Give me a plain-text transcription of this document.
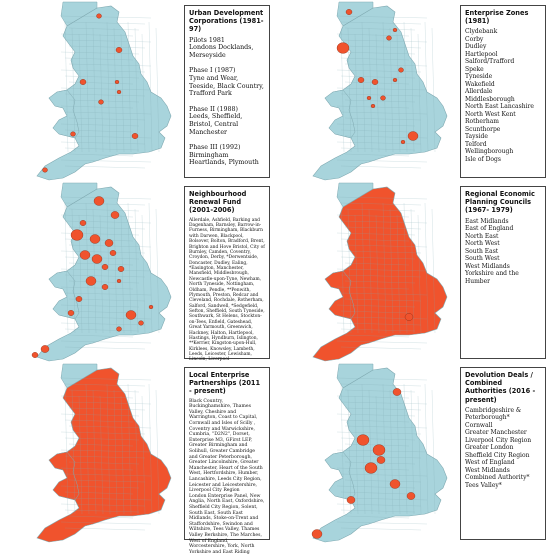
Urban Development Corporations (1981-97)
Pilots 1981
Londons Docklands, Merseyside

Phase I (1987)
Tyne and Wear, Teeside, Black Country, Trafford Park

Phase II (1988)
Leeds, Sheffield, Bristol, Central Manchester

Phase III (1992)
Birmingham Heartlands, Plymouth
Enterprise Zones (1981)
Clydebank
Corby
Dudley
Hartlepool
Salford/Trafford
Speke
Tyneside
Wakefield
Allerdale
Middlesborough
North East Lancashire
North West Kent
Rotherham
Scunthorpe
Tayside
Telford
Wellingborough
Isle of Dogs
Neighbourhood Renewal Fund (2001-2006)
Allerdale, Ashfield, Barking and Dagenham, Barnsley, Barrow-in-Furness, Birmingham, Blackburn with Darwen, Blackpool, Bolsover, Bolton, Bradford, Brent, Brighton and Hove Bristol, City of Burnley, Camden, Coventry, Croydon, Derby, *Derwentside, Doncaster, Dudley, Ealing, *Easington, Manchester, Mansfield, Middlesbrough, Newcastle-upon-Tyne, Newham, North Tyneside, Nottingham, Oldham, Pendle, **Penwith, Plymouth, Preston, Redcar and Cleveland, Rochdale, Rotherham, Salford, Sandwell, *Sedgefield, Sefton, Sheffield, South Tyneside, Southwark, St Helens, Stockton-on-Tees, Enfield, Gateshead, Great Yarmouth, Greenwich, Hackney, Halton, Hartlepool, Hastings, Hyndburn, Islington, **Kerrier, Kingston-upon-Hull, Kirklees, Knowsley, Lambeth, Leeds, Leicester, Lewisham, Lincoln, Liverpool
Regional Economic Planning Councils (1967- 1979)
East Midlands
East of England
North East
North West
South East
South West
West Midlands
Yorkshire and the Humber
Local Enterprise Partnerships (2011 - present)
Black Country, Buckinghamshire, Thames Valley, Cheshire and Warrington, Coast to Capital, Cornwall and Isles of Scilly , Coventry and Warwickshire, Cumbria, "D2N2", Dorset, Enterprise M3, GFirst LEP, Greater Birmingham and Solihull, Greater Cambridge and Greater Peterborough, Greater Lincolnshire, Greater Manchester, Heart of the South West, Hertfordshire, Humber, Lancashire, Leeds City Region, Leicester and Leicestershire, Liverpool City Region
London Enterprise Panel, New Anglia, North East, Oxfordshire, Sheffield City Region, Solent, South East, South East Midlands, Stoke-on-Trent and Staffordshire, Swindon and Wiltshire, Tees Valley, Thames Valley Berkshire, The Marches, West of England, Worcestershire, York, North Yorkshire and East Riding
Devolution Deals / Combined Authorities (2016 - present)
Cambridgeshire & Peterborough*
Cornwall
Greater Manchester
Liverpool City Region
Greater London
Sheffield City Region
West of England
West Midlands Combined Authority*
Tees Valley*
